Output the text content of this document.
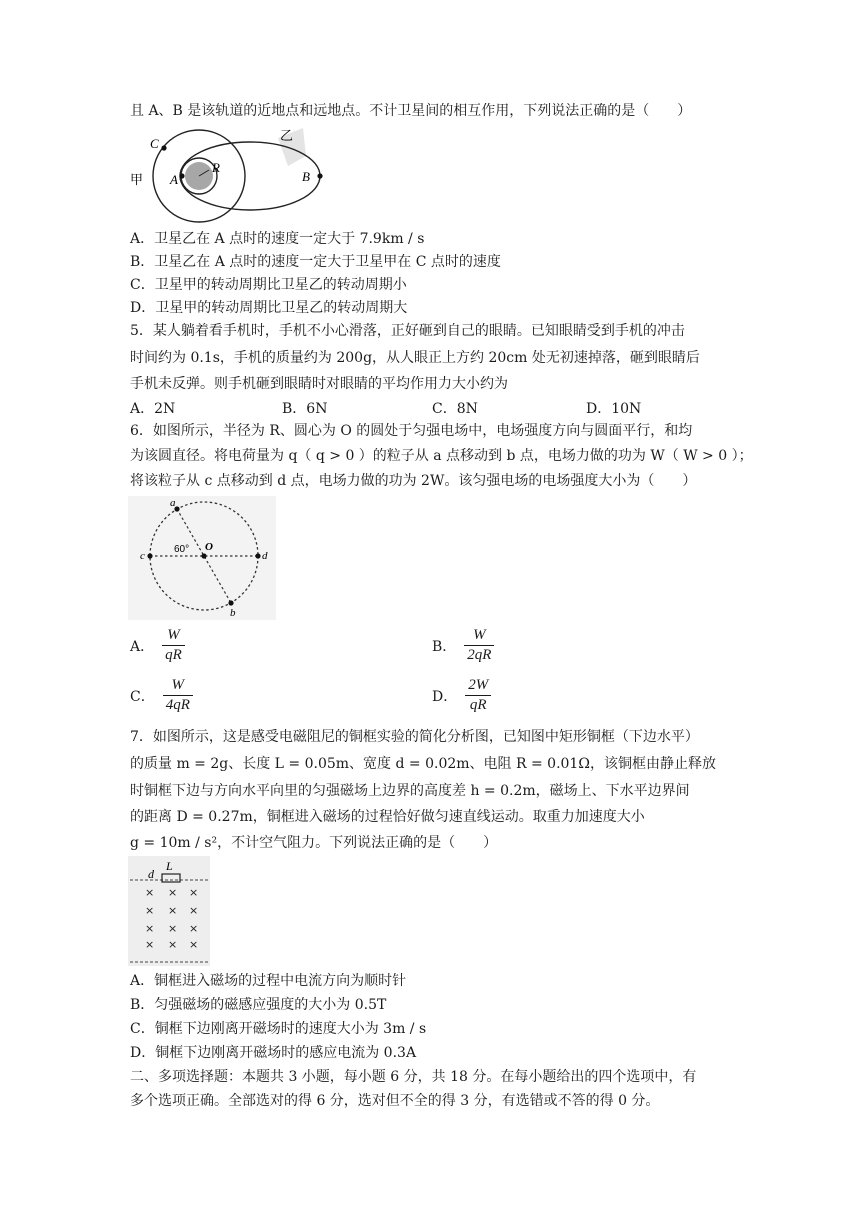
且 A、B 是该轨道的近地点和远地点。不计卫星间的相互作用，下列说法正确的是（　　）
C
A
R
B
甲
乙
A．卫星乙在 A 点时的速度一定大于 7.9km / s
B．卫星乙在 A 点时的速度一定大于卫星甲在 C 点时的速度
C．卫星甲的转动周期比卫星乙的转动周期小
D．卫星甲的转动周期比卫星乙的转动周期大
5．某人躺着看手机时，手机不小心滑落，正好砸到自己的眼睛。已知眼睛受到手机的冲击
时间约为 0.1s，手机的质量约为 200g，从人眼正上方约 20cm 处无初速掉落，砸到眼睛后
手机未反弹。则手机砸到眼睛时对眼睛的平均作用力大小约为
A．2N	B．6N	C．8N	D．10N
6．如图所示，半径为 R、圆心为 O 的圆处于匀强电场中，电场强度方向与圆面平行，和均
为该圆直径。将电荷量为 q（ q > 0 ）的粒子从 a 点移动到 b 点，电场力做的功为 W（ W > 0 ）；
将该粒子从 c 点移动到 d 点，电场力做的功为 2W。该匀强电场的电场强度大小为（　　）
a
b
c	d
O
60°
A． $\frac{W}{qR}$	B． $\frac{W}{2qR}$
C． $\frac{W}{4qR}$	D． $\frac{2W}{qR}$
7．如图所示，这是感受电磁阻尼的铜框实验的简化分析图，已知图中矩形铜框（下边水平）
的质量 m = 2g、长度 L = 0.05m、宽度 d = 0.02m、电阻 R = 0.01Ω，该铜框由静止释放
时铜框下边与方向水平向里的匀强磁场上边界的高度差 h = 0.2m，磁场上、下水平边界间
的距离 D = 0.27m，铜框进入磁场的过程恰好做匀速直线运动。取重力加速度大小
g = 10m / s²，不计空气阻力。下列说法正确的是（　　）
d
L
× × ×
× × ×
× × ×
× × ×
A．铜框进入磁场的过程中电流方向为顺时针
B．匀强磁场的磁感应强度的大小为 0.5T
C．铜框下边刚离开磁场时的速度大小为 3m / s
D．铜框下边刚离开磁场时的感应电流为 0.3A
二、多项选择题：本题共 3 小题，每小题 6 分，共 18 分。在每小题给出的四个选项中，有
多个选项正确。全部选对的得 6 分，选对但不全的得 3 分，有选错或不答的得 0 分。
